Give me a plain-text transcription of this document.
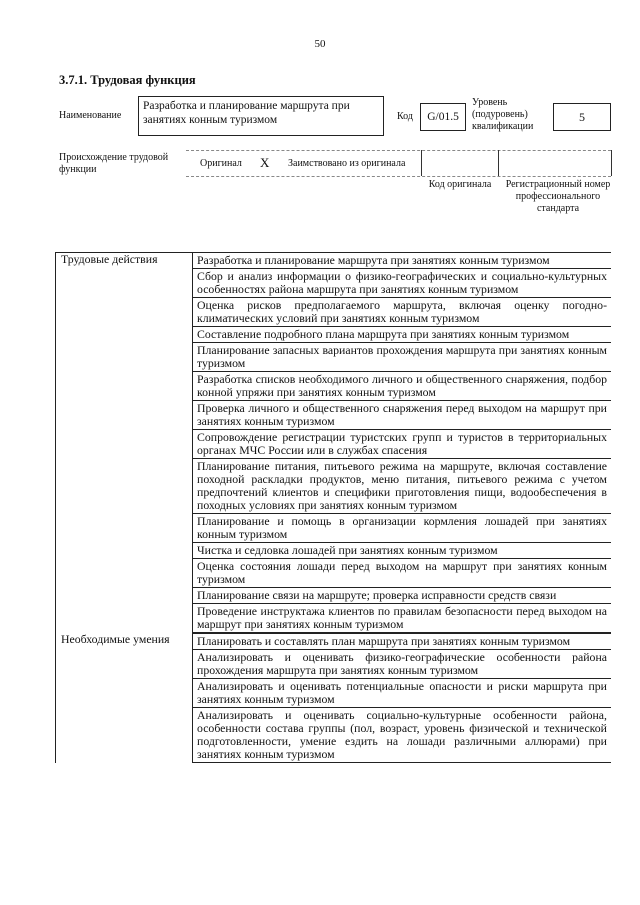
50
3.7.1. Трудовая функция
Наименование
Разработка и планирование маршрута при занятиях конным туризмом	Код	G/01.5
Уровень (подуровень) квалификации
5
Происхождение трудовой функции
Оригинал X Заимствовано из оригинала
Код оригинала	Регистрационный номер профессионального стандарта
Трудовые действия	Разработка и планирование маршрута при занятиях конным туризмом
Сбор и анализ информации о физико-географических и социально-культурных особенностях района маршрута при занятиях конным туризмом
Оценка рисков предполагаемого маршрута, включая оценку погодно-климатических условий при занятиях конным туризмом
Составление подробного плана маршрута при занятиях конным туризмом
Планирование запасных вариантов прохождения маршрута при занятиях конным туризмом
Разработка списков необходимого личного и общественного снаряжения, подбор конной упряжи при занятиях конным туризмом
Проверка личного и общественного снаряжения перед выходом на маршрут при занятиях конным туризмом
Сопровождение регистрации туристских групп и туристов в территориальных органах МЧС России или в службах спасения
Планирование питания, питьевого режима на маршруте, включая составление походной раскладки продуктов, меню питания, питьевого режима с учетом предпочтений клиентов и специфики приготовления пищи, водообеспечения в походных условиях при занятиях конным туризмом
Планирование и помощь в организации кормления лошадей при занятиях конным туризмом
Чистка и седловка лошадей при занятиях конным туризмом
Оценка состояния лошади перед выходом на маршрут при занятиях конным туризмом
Планирование связи на маршруте; проверка исправности средств связи
Проведение инструктажа клиентов по правилам безопасности перед выходом на маршрут при занятиях конным туризмом
Необходимые умения	Планировать и составлять план маршрута при занятиях конным туризмом
Анализировать и оценивать физико-географические особенности района прохождения маршрута при занятиях конным туризмом
Анализировать и оценивать потенциальные опасности и риски маршрута при занятиях конным туризмом
Анализировать и оценивать социально-культурные особенности района, особенности состава группы (пол, возраст, уровень физической и технической подготовленности, умение ездить на лошади различными аллюрами) при занятиях конным туризмом
